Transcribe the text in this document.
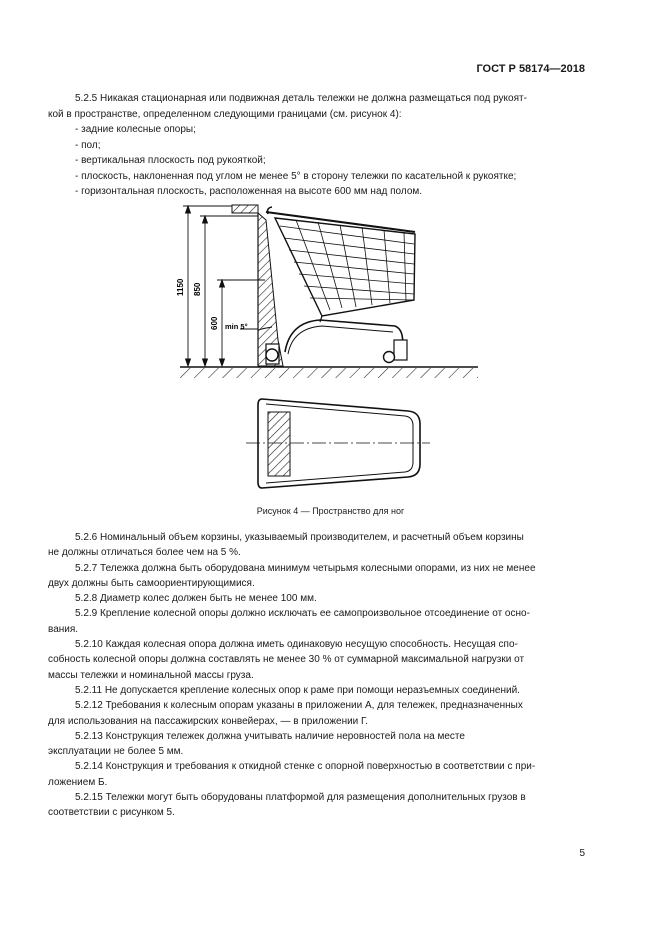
ГОСТ Р 58174—2018
5.2.5 Никакая стационарная или подвижная деталь тележки не должна размещаться под рукоят-
кой в пространстве, определенном следующими границами (см. рисунок 4):
- задние колесные опоры;
- пол;
- вертикальная плоскость под рукояткой;
- плоскость, наклоненная под углом не менее 5° в сторону тележки по касательной к рукоятке;
- горизонтальная плоскость, расположенная на высоте 600 мм над полом.
1150 850
600 min 5°
Рисунок 4 — Пространство для ног
5.2.6 Номинальный объем корзины, указываемый производителем, и расчетный объем корзины
не должны отличаться более чем на 5 %.
5.2.7 Тележка должна быть оборудована минимум четырьмя колесными опорами, из них не менее
двух должны быть самоориентирующимися.
5.2.8 Диаметр колес должен быть не менее 100 мм.
5.2.9 Крепление колесной опоры должно исключать ее самопроизвольное отсоединение от осно-
вания.
5.2.10 Каждая колесная опора должна иметь одинаковую несущую способность. Несущая спо-
собность колесной опоры должна составлять не менее 30 % от суммарной максимальной нагрузки от
массы тележки и номинальной массы груза.
5.2.11 Не допускается крепление колесных опор к раме при помощи неразъемных соединений.
5.2.12 Требования к колесным опорам указаны в приложении А, для тележек, предназначенных
для использования на пассажирских конвейерах, — в приложении Г.
5.2.13 Конструкция тележек должна учитывать наличие неровностей пола на месте
эксплуатации не более 5 мм.
5.2.14 Конструкция и требования к откидной стенке с опорной поверхностью в соответствии с при-
ложением Б.
5.2.15 Тележки могут быть оборудованы платформой для размещения дополнительных грузов в
соответствии с рисунком 5.
5
